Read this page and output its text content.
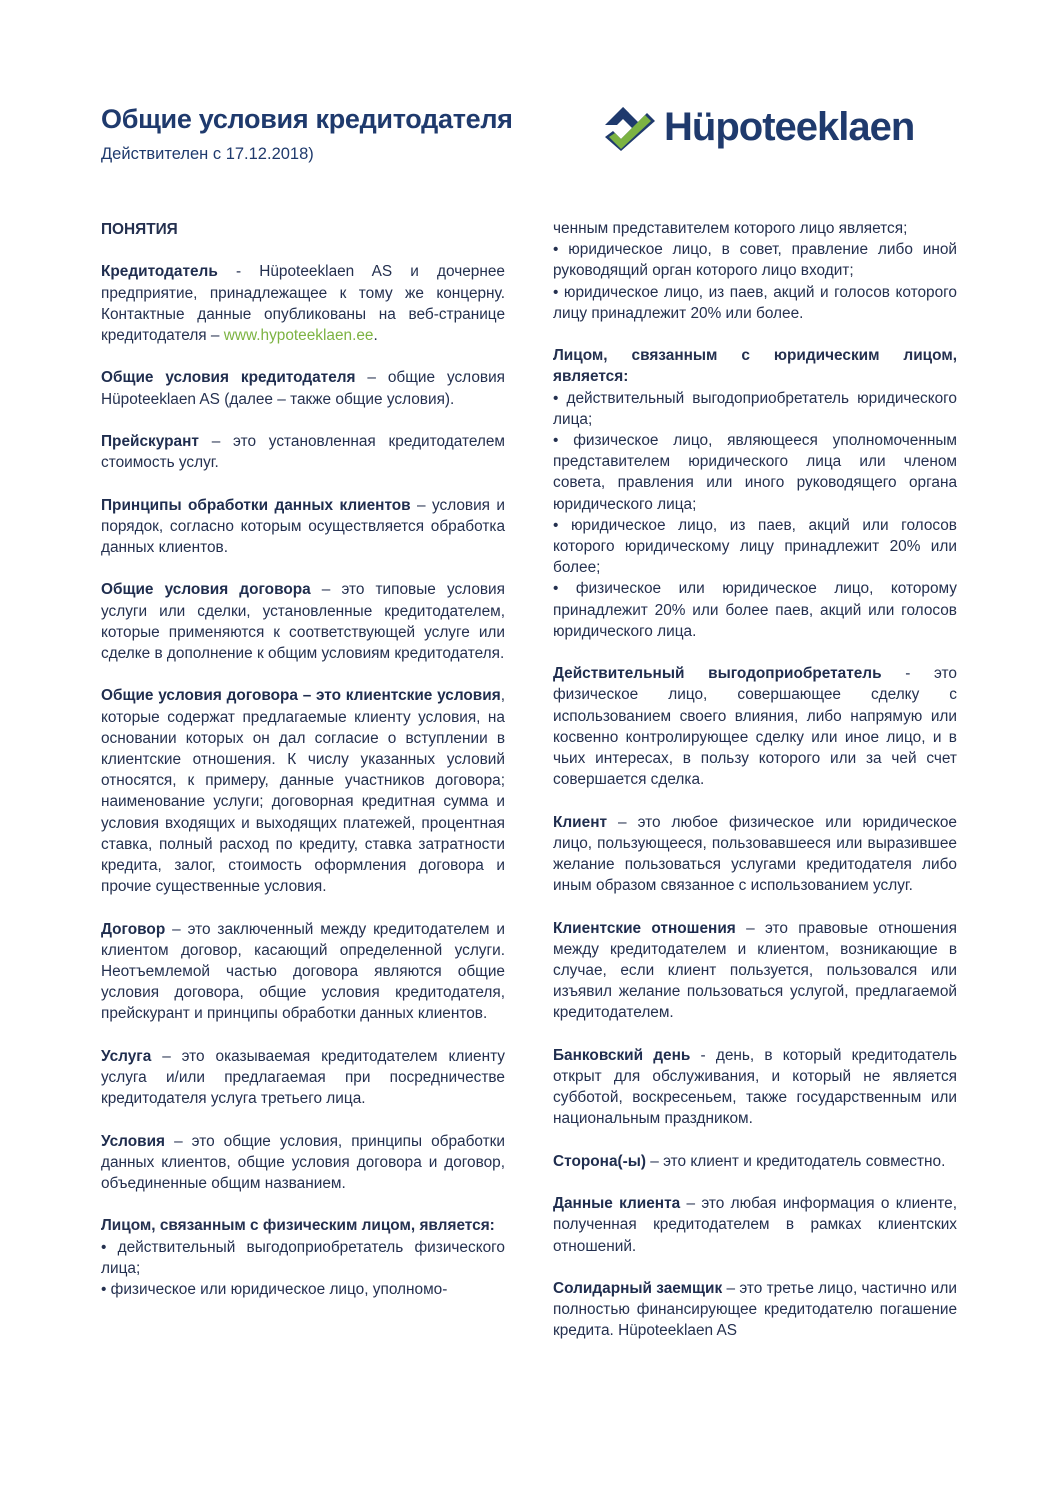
Общие условия кредитодателя
Действителен с 17.12.2018)
Hüpoteeklaen

ПОНЯТИЯ

Кредитодатель - Hüpoteeklaen AS и дочернее предприятие, принадлежащее к тому же концерну. Контактные данные опубликованы на веб-странице кредитодателя – www.hypoteeklaen.ee.

Общие условия кредитодателя – общие условия Hüpoteeklaen AS (далее – также общие условия).

Прейскурант – это установленная кредитодателем стоимость услуг.

Принципы обработки данных клиентов – условия и порядок, согласно которым осуществляется обработка данных клиентов.

Общие условия договора – это типовые условия услуги или сделки, установленные кредитодателем, которые применяются к соответствующей услуге или сделке в дополнение к общим условиям кредитодателя.

Общие условия договора – это клиентские условия, которые содержат предлагаемые клиенту условия, на основании которых он дал согласие о вступлении в клиентские отношения. К числу указанных условий относятся, к примеру, данные участников договора; наименование услуги; договорная кредитная сумма и условия входящих и выходящих платежей, процентная ставка, полный расход по кредиту, ставка затратности кредита, залог, стоимость оформления договора и прочие существенные условия.

Договор – это заключенный между кредитодателем и клиентом договор, касающий определенной услуги. Неотъемлемой частью договора являются общие условия договора, общие условия кредитодателя, прейскурант и принципы обработки данных клиентов.

Услуга – это оказываемая кредитодателем клиенту услуга и/или предлагаемая при посредничестве кредитодателя услуга третьего лица.

Условия – это общие условия, принципы обработки данных клиентов, общие условия договора и договор, объединенные общим названием.

Лицом, связанным с физическим лицом, является:

• действительный выгодоприобретатель физического лица;

• физическое или юридическое лицо, уполномо-

ченным представителем которого лицо является;

• юридическое лицо, в совет, правление либо иной руководящий орган которого лицо входит;

• юридическое лицо, из паев, акций и голосов которого лицу принадлежит 20% или более.

Лицом, связанным с юридическим лицом, является:

• действительный выгодоприобретатель юридического лица;

• физическое лицо, являющееся уполномоченным представителем юридического лица или членом совета, правления или иного руководящего органа юридического лица;

• юридическое лицо, из паев, акций или голосов которого юридическому лицу принадлежит 20% или более;

• физическое или юридическое лицо, которому принадлежит 20% или более паев, акций или голосов юридического лица.

Действительный выгодоприобретатель - это физическое лицо, совершающее сделку с использованием своего влияния, либо напрямую или косвенно контролирующее сделку или иное лицо, и в чьих интересах, в пользу которого или за чей счет совершается сделка.

Клиент – это любое физическое или юридическое лицо, пользующееся, пользовавшееся или выразившее желание пользоваться услугами кредитодателя либо иным образом связанное с использованием услуг.

Клиентские отношения – это правовые отношения между кредитодателем и клиентом, возникающие в случае, если клиент пользуется, пользовался или изъявил желание пользоваться услугой, предлагаемой кредитодателем.

Банковский день - день, в который кредитодатель открыт для обслуживания, и который не является субботой, воскресеньем, также государственным или национальным праздником.

Сторона(-ы) – это клиент и кредитодатель совместно.

Данные клиента – это любая информация о клиенте, полученная кредитодателем в рамках клиентских отношений.

Солидарный заемщик – это третье лицо, частично или полностью финансирующее кредитодателю погашение кредита. Hüpoteeklaen AS
